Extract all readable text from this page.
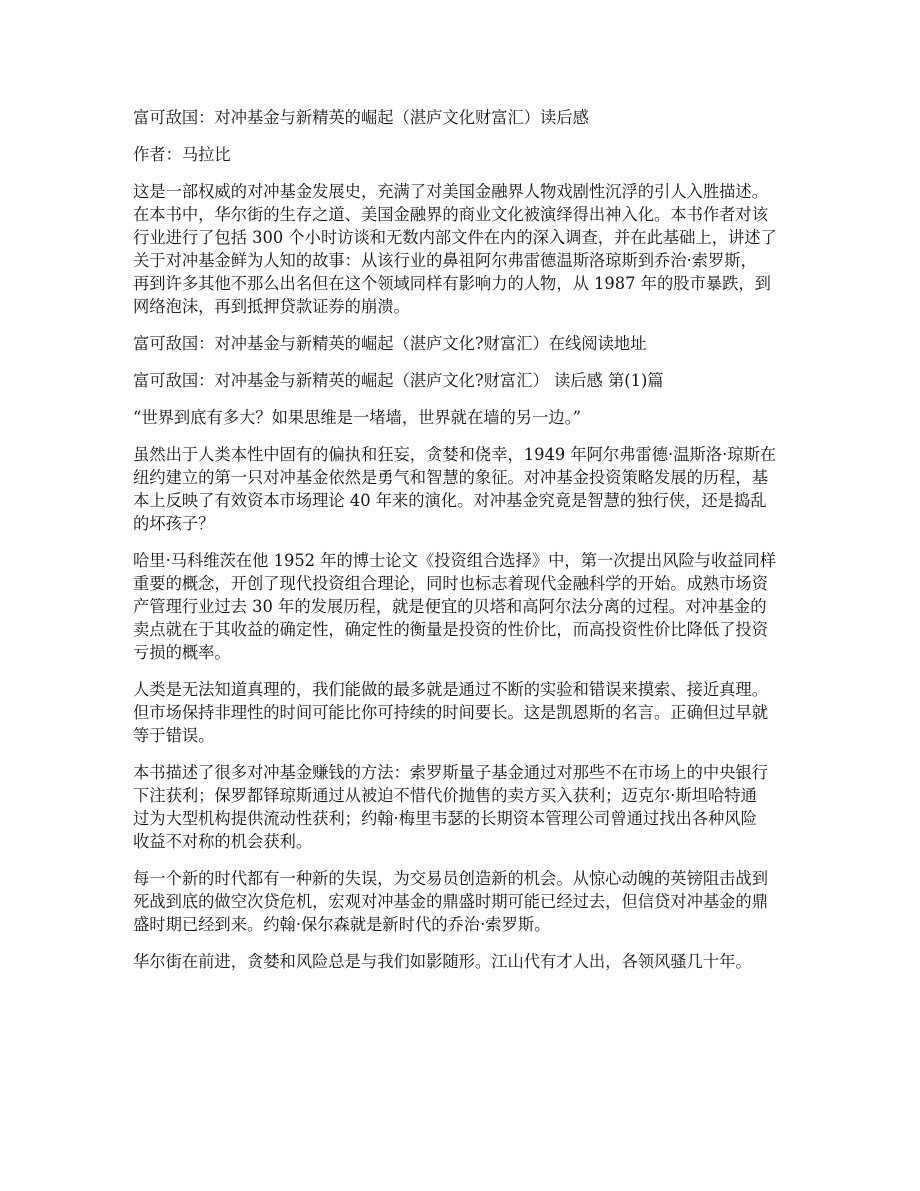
富可敌国：对冲基金与新精英的崛起（湛庐文化财富汇）读后感

作者：马拉比

这是一部权威的对冲基金发展史，充满了对美国金融界人物戏剧性沉浮的引人入胜描述。
在本书中，华尔街的生存之道、美国金融界的商业文化被演绎得出神入化。本书作者对该
行业进行了包括 300 个小时访谈和无数内部文件在内的深入调查，并在此基础上，讲述了
关于对冲基金鲜为人知的故事：从该行业的鼻祖阿尔弗雷德温斯洛琼斯到乔治·索罗斯，
再到许多其他不那么出名但在这个领域同样有影响力的人物，从 1987 年的股市暴跌，到
网络泡沫，再到抵押贷款证券的崩溃。

富可敌国：对冲基金与新精英的崛起（湛庐文化?财富汇）在线阅读地址

富可敌国：对冲基金与新精英的崛起（湛庐文化?财富汇） 读后感 第(1)篇

“世界到底有多大？如果思维是一堵墙，世界就在墙的另一边。”

虽然出于人类本性中固有的偏执和狂妄，贪婪和侥幸，1949 年阿尔弗雷德·温斯洛·琼斯在
纽约建立的第一只对冲基金依然是勇气和智慧的象征。对冲基金投资策略发展的历程，基
本上反映了有效资本市场理论 40 年来的演化。对冲基金究竟是智慧的独行侠，还是捣乱
的坏孩子？

哈里·马科维茨在他 1952 年的博士论文《投资组合选择》中，第一次提出风险与收益同样
重要的概念，开创了现代投资组合理论，同时也标志着现代金融科学的开始。成熟市场资
产管理行业过去 30 年的发展历程，就是便宜的贝塔和高阿尔法分离的过程。对冲基金的
卖点就在于其收益的确定性，确定性的衡量是投资的性价比，而高投资性价比降低了投资
亏损的概率。

人类是无法知道真理的，我们能做的最多就是通过不断的实验和错误来摸索、接近真理。
但市场保持非理性的时间可能比你可持续的时间要长。这是凯恩斯的名言。正确但过早就
等于错误。

本书描述了很多对冲基金赚钱的方法：索罗斯量子基金通过对那些不在市场上的中央银行
下注获利；保罗都铎琼斯通过从被迫不惜代价抛售的卖方买入获利；迈克尔·斯坦哈特通
过为大型机构提供流动性获利；约翰·梅里韦瑟的长期资本管理公司曾通过找出各种风险
收益不对称的机会获利。

每一个新的时代都有一种新的失误，为交易员创造新的机会。从惊心动魄的英镑阻击战到
死战到底的做空次贷危机，宏观对冲基金的鼎盛时期可能已经过去，但信贷对冲基金的鼎
盛时期已经到来。约翰·保尔森就是新时代的乔治·索罗斯。

华尔街在前进，贪婪和风险总是与我们如影随形。江山代有才人出，各领风骚几十年。
